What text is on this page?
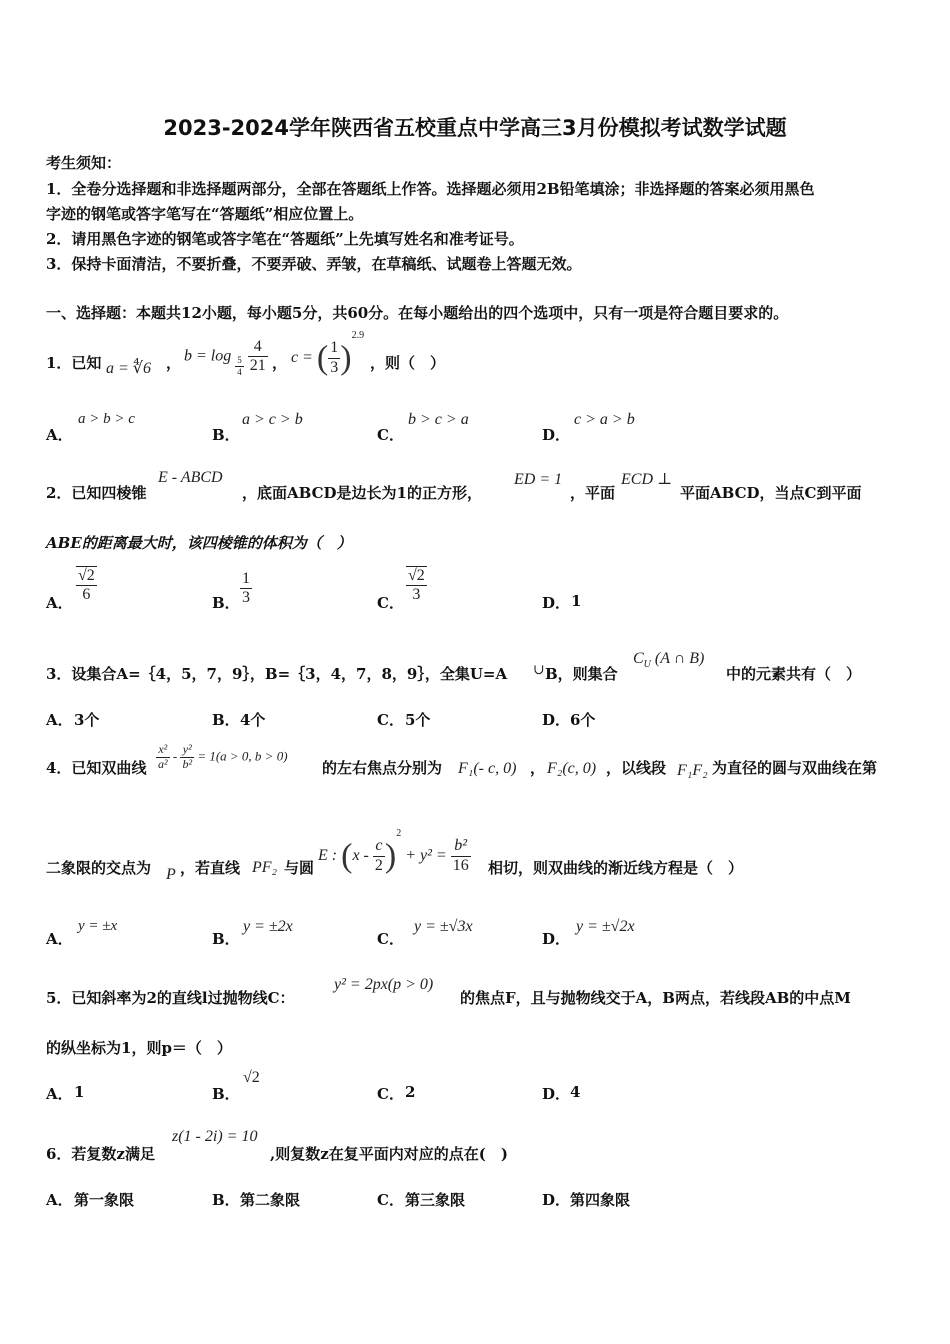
2023-2024学年陕西省五校重点中学高三3月份模拟考试数学试题
考生须知：
1．全卷分选择题和非选择题两部分，全部在答题纸上作答。选择题必须用2B铅笔填涂；非选择题的答案必须用黑色
字迹的钢笔或答字笔写在“答题纸”相应位置上。
2．请用黑色字迹的钢笔或答字笔在“答题纸”上先填写姓名和准考证号。
3．保持卡面清洁，不要折叠，不要弄破、弄皱，在草稿纸、试题卷上答题无效。
一、选择题：本题共12小题，每小题5分，共60分。在每小题给出的四个选项中，只有一项是符合题目要求的。
1．已知 a = ∜6 ， $b = \log \frac{5}{4}$
$\frac{4}{21}$ ， c = ( $\frac{1}{3} )^{2.9}$
，则（　）
A．
a > b > c
B．
a > c > b
C．
b > c > a
D．
c > a > b
2．已知四棱锥
E - ABCD
，底面ABCD是边长为1的正方形，
ED = 1
，平面
ECD ⊥
平面ABCD，当点C到平面
ABE的距离最大时，该四棱锥的体积为（　）
A． $\frac{√2}{6}$	B． $\frac{1}{3}$	C． $\frac{√2}{3}$	D． 1
3．设集合A=｛4，5，7，9｝，B=｛3，4，7，8，9｝，全集U=A ∪ B，则集合
$C_U$ (A ∩ B)
中的元素共有（　）
A． 3个	B． 4个	C． 5个	D． 6个
4．已知双曲线 $\frac{\text{x²}}{\text{a²}} - \frac{\text{y²}}{\text{b²}} = 1(a > 0$, b > 0)
的左右焦点分别为 F₁(- c, 0) ， F₂(c, 0) ，以线段 F₁F₂ 为直径的圆与双曲线在第
二象限的交点为 P ，若直线 PF₂ 与圆
E : $(x - \frac{c}{2} )^2 + y^2 = \frac{\text{b²}}{16}$ 相切，则双曲线的渐近线方程是（　）
A．
y = ±x
B．
y = ±2x
C．
y = ±√3x
D．
y = ±√2x
5．已知斜率为2的直线l过抛物线C：
y² = 2px(p > 0)
的焦点F，且与抛物线交于A，B两点，若线段AB的中点M
的纵坐标为1，则p＝（　）
A． 1	B．
√2
C． 2	D． 4
6．若复数z满足
z(1 - 2i) = 10
,则复数z在复平面内对应的点在(　)
A． 第一象限	B． 第二象限	C． 第三象限	D． 第四象限
